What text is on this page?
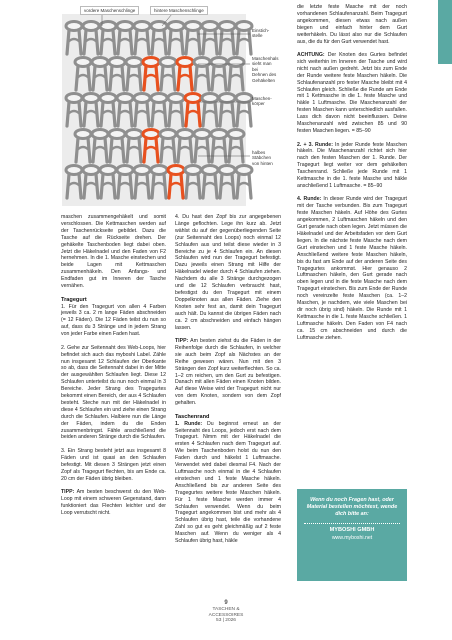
vordere Maschenschlinge	hintere Maschenschlinge
Einstich-
stelle
Maschenhals
sieht man bei
Dehnen des
Gehäkelten
Maschen-
körper
halbes
Stäbchen
von hinten

maschen zusammengehäkelt und somit verschlossen. Die Kettmaschen werden auf der Taschenrückseite gebildet. Dazu die Tasche auf die Rückseite drehen. Der gehäkelte Taschenboden liegt dabei oben. Jetzt die Häkelnadel und den Faden von F2 hernehmen. In die 1. Masche einstechen und beide Lagen mit Kettmaschen zusammenhäkeln. Den Anfangs- und Endfaden gut im Inneren der Tasche vernähen.

Tragegurt

1. Für den Tragegurt von allen 4 Farben jeweils 3 ca. 2 m lange Fäden abschneiden (= 12 Fäden). Die 12 Fäden teilst du nun so auf, dass du 3 Stränge und in jedem Strang von jeder Farbe einen Faden hast.

2. Gehe zur Seitennaht des Web-Loops, hier befindet sich auch das myboshi Label. Zähle nun insgesamt 12 Schlaufen der Oberkante so ab, dass die Seitennaht dabei in der Mitte der ausgewählten Schlaufen liegt. Diese 12 Schlaufen unterteilst du nun noch einmal in 3 Bereiche. Jeder Strang des Tragegurtes bekommt einen Bereich, der aus 4 Schlaufen besteht. Steche nun mit der Häkelnadel in diese 4 Schlaufen ein und ziehe einen Strang durch die Schlaufen. Halbiere nun die Länge der Fäden, indem du die Enden zusammenbringst. Fähle anschließend die beiden anderen Stränge durch die Schlaufen.

3. Ein Strang besteht jetzt aus insgesamt 8 Fäden und ist quasi an den Schlaufen befestigt. Mit diesen 3 Strängen jetzt einen Zopf als Tragegurt flechten, bis am Ende ca. 20 cm der Fäden übrig bleiben.

TIPP: Am besten beschwerst du den Web-Loop mit einem schweren Gegenstand, dann funktioniert das Flechten leichter und der Loop verrutscht nicht.

4. Du hast den Zopf bis zur angegebenen Länge geflochten. Lege ihn kurz ab. Jetzt wählst du auf der gegenüberliegenden Seite (zur Seitennaht des Loops) noch einmal 12 Schlaufen aus und teilst diese wieder in 3 Bereiche zu je 4 Schlaufen ein. An diesen Schlaufen wird nun der Tragegurt befestigt. Dazu jeweils einen Strang mit Hilfe der Häkelnadel wieder durch 4 Schlaufen ziehen. Nachdem du alle 3 Stränge durchgezogen und die 12 Schlaufen verbraucht hast, befestigst du den Tragegurt mit einem Doppelknoten aus allen Fäden. Ziehe den Knoten sehr fest an, damit dein Tragegurt auch hält. Du kannst die übrigen Fäden nach ca. 2 cm abschneiden und einfach hängen lassen.

TIPP: Am besten ziehst du die Fäden in der Reihenfolge durch die Schlaufen, in welcher sie auch beim Zopf als Nächstes an der Reihe gewesen wären. Nun mit den 3 Strängen den Zopf kurz weiterflechten. So ca. 1–2 cm reichen, um den Gurt zu befestigen. Danach mit allen Fäden einen Knoten bilden. Auf diese Weise wird der Tragegurt nicht nur von dem Knoten, sondern von dem Zopf gehalten.

Taschenrand

1. Runde: Du beginnst erneut an der Seitennaht des Loops, jedoch erst nach dem Tragegurt. Nimm mit der Häkelnadel die ersten 4 Schlaufen nach dem Tragegurt auf. Wie beim Taschenboden holst du nun den Faden durch und häkelst 1 Luftmasche. Verwendet wird dabei diesmal F4. Nach der Luftmasche noch einmal in die 4 Schlaufen einstechen und 1 feste Masche häkeln. Anschließend bis zur anderen Seite des Tragegurtes weitere feste Maschen häkeln. Für 1 feste Masche werden immer 4 Schlaufen verwendet. Wenn du beim Tragegurt angekommen bist und mehr als 4 Schlaufen übrig hast, teile die vorhandene Zahl so gut es geht gleichmäßig auf 2 feste Maschen auf. Wenn du weniger als 4 Schlaufen übrig hast, häkle

die letzte feste Masche mit der noch vorhandenen Schlaufenanzahl. Beim Tragegurt angekommen, diesen etwas nach außen biegen und einfach hinter dem Gurt weiterhäkeln. Du lässt also nur die Schlaufen aus, die du für den Gurt verwendet hast.

ACHTUNG: Der Knoten des Gurtes befindet sich weiterhin im Inneren der Tasche und wird nicht nach außen gedreht. Jetzt bis zum Ende der Runde weitere feste Maschen häkeln. Die Schlaufenanzahl pro fester Masche bleibt mit 4 Schlaufen gleich. Schließe die Runde am Ende mit 1 Kettmasche in die 1. feste Masche und häkle 1 Luftmasche. Die Maschenanzahl der festen Maschen kann unterschiedlich ausfallen. Lass dich davon nicht beeinflussen. Deine Maschenanzahl wird zwischen 85 und 90 festen Maschen liegen. = 85–90

2. + 3. Runde: In jeder Runde feste Maschen häkeln. Die Maschenanzahl richtet sich hier nach den festen Maschen der 1. Runde. Der Tragegurt liegt weiter vor dem gehäkelten Taschenrand. Schließe jede Runde mit 1 Kettmasche in die 1. feste Masche und häkle anschließend 1 Luftmasche. = 85–90

4. Runde: In dieser Runde wird der Tragegurt mit der Tasche verbunden. Bis zum Tragegurt feste Maschen häkeln. Auf Höhe des Gurtes angekommen, 2 Luftmaschen häkeln und den Gurt gerade nach oben legen. Jetzt müssen die Häkelnadel und der Arbeitsfaden vor dem Gurt liegen. In die nächste feste Masche nach dem Gurt einstechen und 1 feste Masche häkeln. Anschließend weitere feste Maschen häkeln, bis du fast am Ende auf der anderen Seite des Tragegurtes ankommst. Hier genauso 2 Luftmaschen häkeln, den Gurt gerade nach oben legen und in die feste Masche nach dem Tragegurt einstechen. Bis zum Ende der Runde noch vereinzelte feste Maschen (ca. 1–2 Maschen, je nachdem, wie viele Maschen bei dir noch übrig sind) häkeln. Die Runde mit 1 Kettmasche in die 1. feste Masche schließen. 1 Luftmasche häkeln. Den Faden von F4 nach ca. 15 cm abschneiden und durch die Luftmasche ziehen.

Wenn du noch Fragen hast, oder Material bestellen möchtest, wende dich bitte an:
MYBOSHI GMBH
www.myboshi.net
9
TASCHEN &
ACCESSOIRES
53 | 2026
